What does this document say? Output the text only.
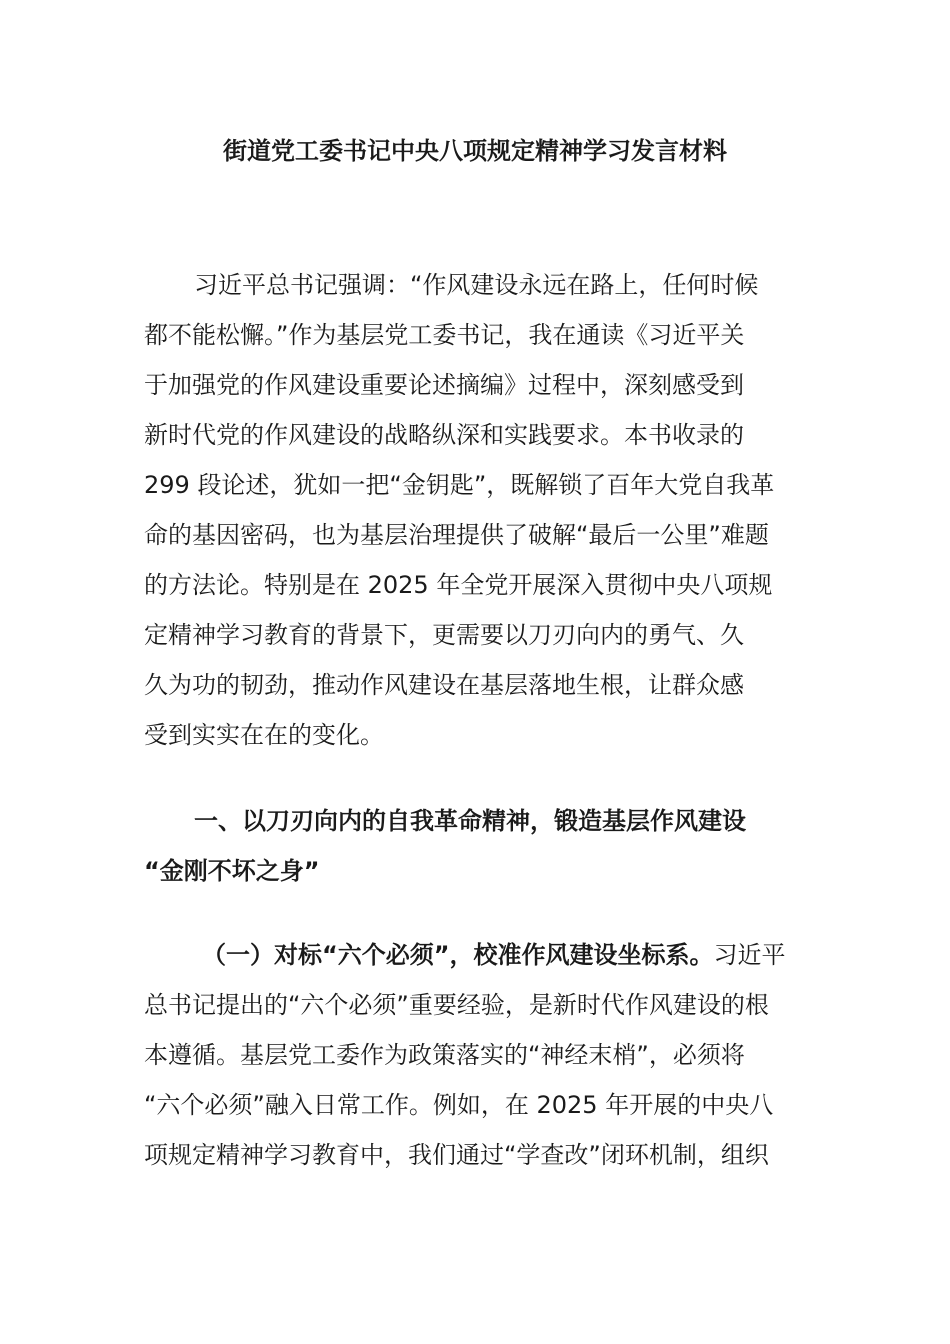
街道党工委书记中央八项规定精神学习发言材料
习近平总书记强调：“作风建设永远在路上，任何时候
都不能松懈。”作为基层党工委书记，我在通读《习近平关
于加强党的作风建设重要论述摘编》过程中，深刻感受到
新时代党的作风建设的战略纵深和实践要求。本书收录的
299 段论述，犹如一把“金钥匙”，既解锁了百年大党自我革
命的基因密码，也为基层治理提供了破解“最后一公里”难题
的方法论。特别是在 2025 年全党开展深入贯彻中央八项规
定精神学习教育的背景下，更需要以刀刃向内的勇气、久
久为功的韧劲，推动作风建设在基层落地生根，让群众感
受到实实在在的变化。
一、以刀刃向内的自我革命精神，锻造基层作风建设
“金刚不坏之身”
（一）对标“六个必须”，校准作风建设坐标系。习近平
总书记提出的“六个必须”重要经验，是新时代作风建设的根
本遵循。基层党工委作为政策落实的“神经末梢”，必须将
“六个必须”融入日常工作。例如，在 2025 年开展的中央八
项规定精神学习教育中，我们通过“学查改”闭环机制，组织
